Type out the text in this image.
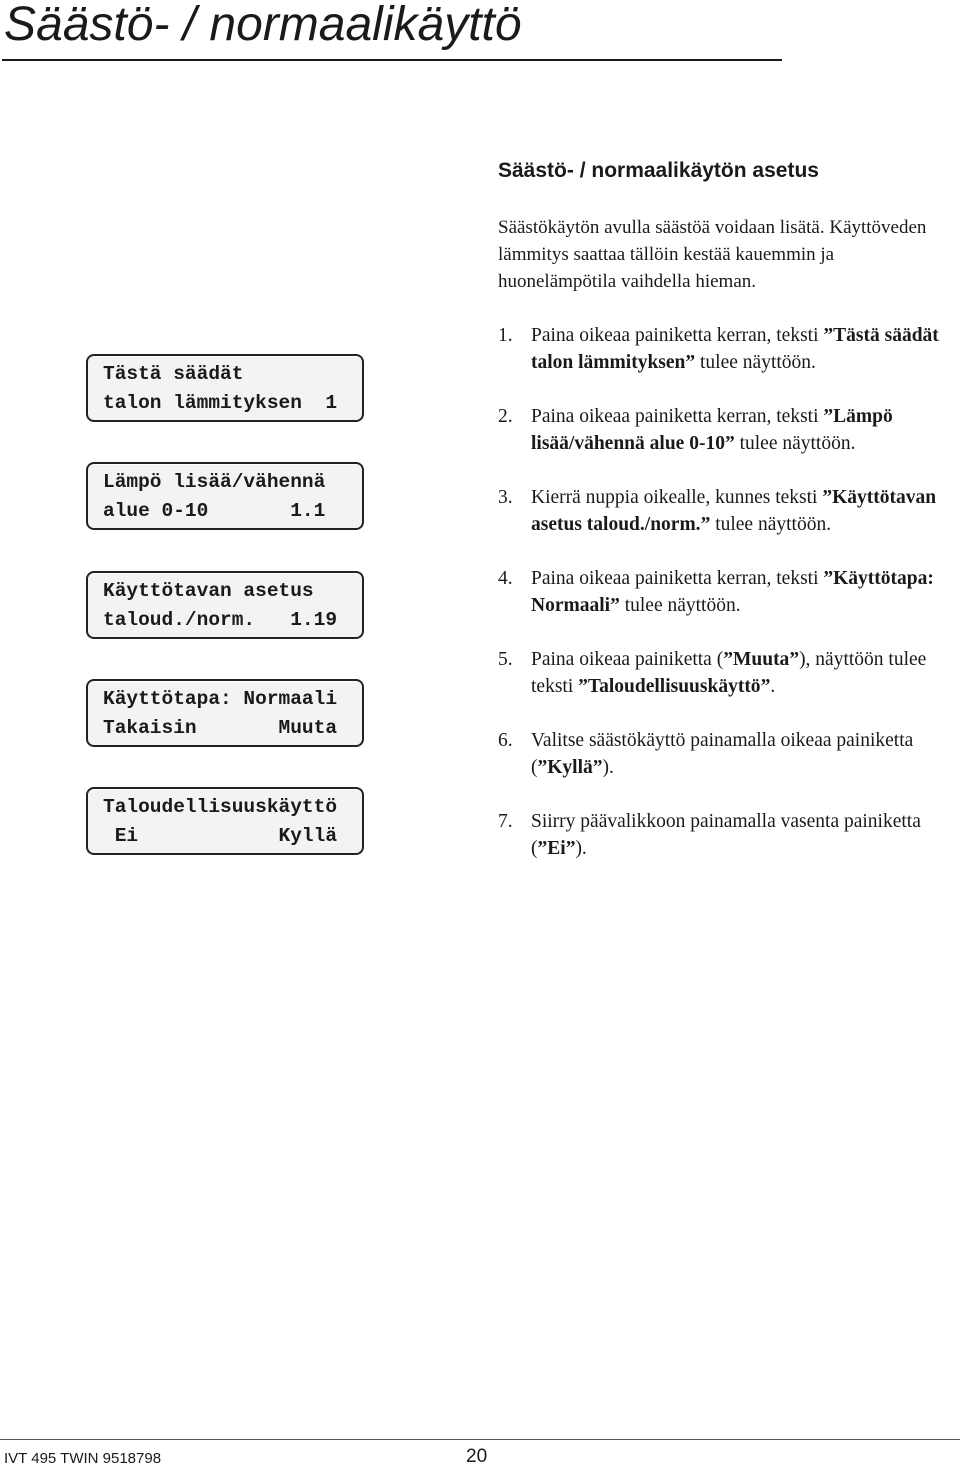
Säästö- / normaalikäyttö
Säästö- / normaalikäytön asetus

Säästökäytön avulla säästöä voidaan lisätä. Käyttöveden lämmitys saattaa tällöin kestää kauemmin ja huonelämpötila vaihdella hieman.

Tästä säädät
talon lämmityksen  1
Lämpö lisää/vähennä
alue 0-10       1.1
Käyttötavan asetus
taloud./norm.   1.19
Käyttötapa: Normaali
Takaisin       Muuta
Taloudellisuuskäyttö
Ei            Kyllä
1. Paina oikeaa painiketta kerran, teksti ”Tästä säädät talon lämmityksen” tulee näyttöön.
2. Paina oikeaa painiketta kerran, teksti ”Lämpö lisää/vähennä alue 0-10” tulee näyttöön.
3. Kierrä nuppia oikealle, kunnes teksti ”Käyttötavan asetus taloud./norm.” tulee näyttöön.
4. Paina oikeaa painiketta kerran, teksti ”Käyttötapa: Normaali” tulee näyttöön.
5. Paina oikeaa painiketta (”Muuta”), näyttöön tulee teksti ”Taloudellisuuskäyttö”.
6. Valitse säästökäyttö painamalla oikeaa painiketta (”Kyllä”).
7. Siirry päävalikkoon painamalla vasenta painiketta (”Ei”).
IVT 495 TWIN 9518798	20
